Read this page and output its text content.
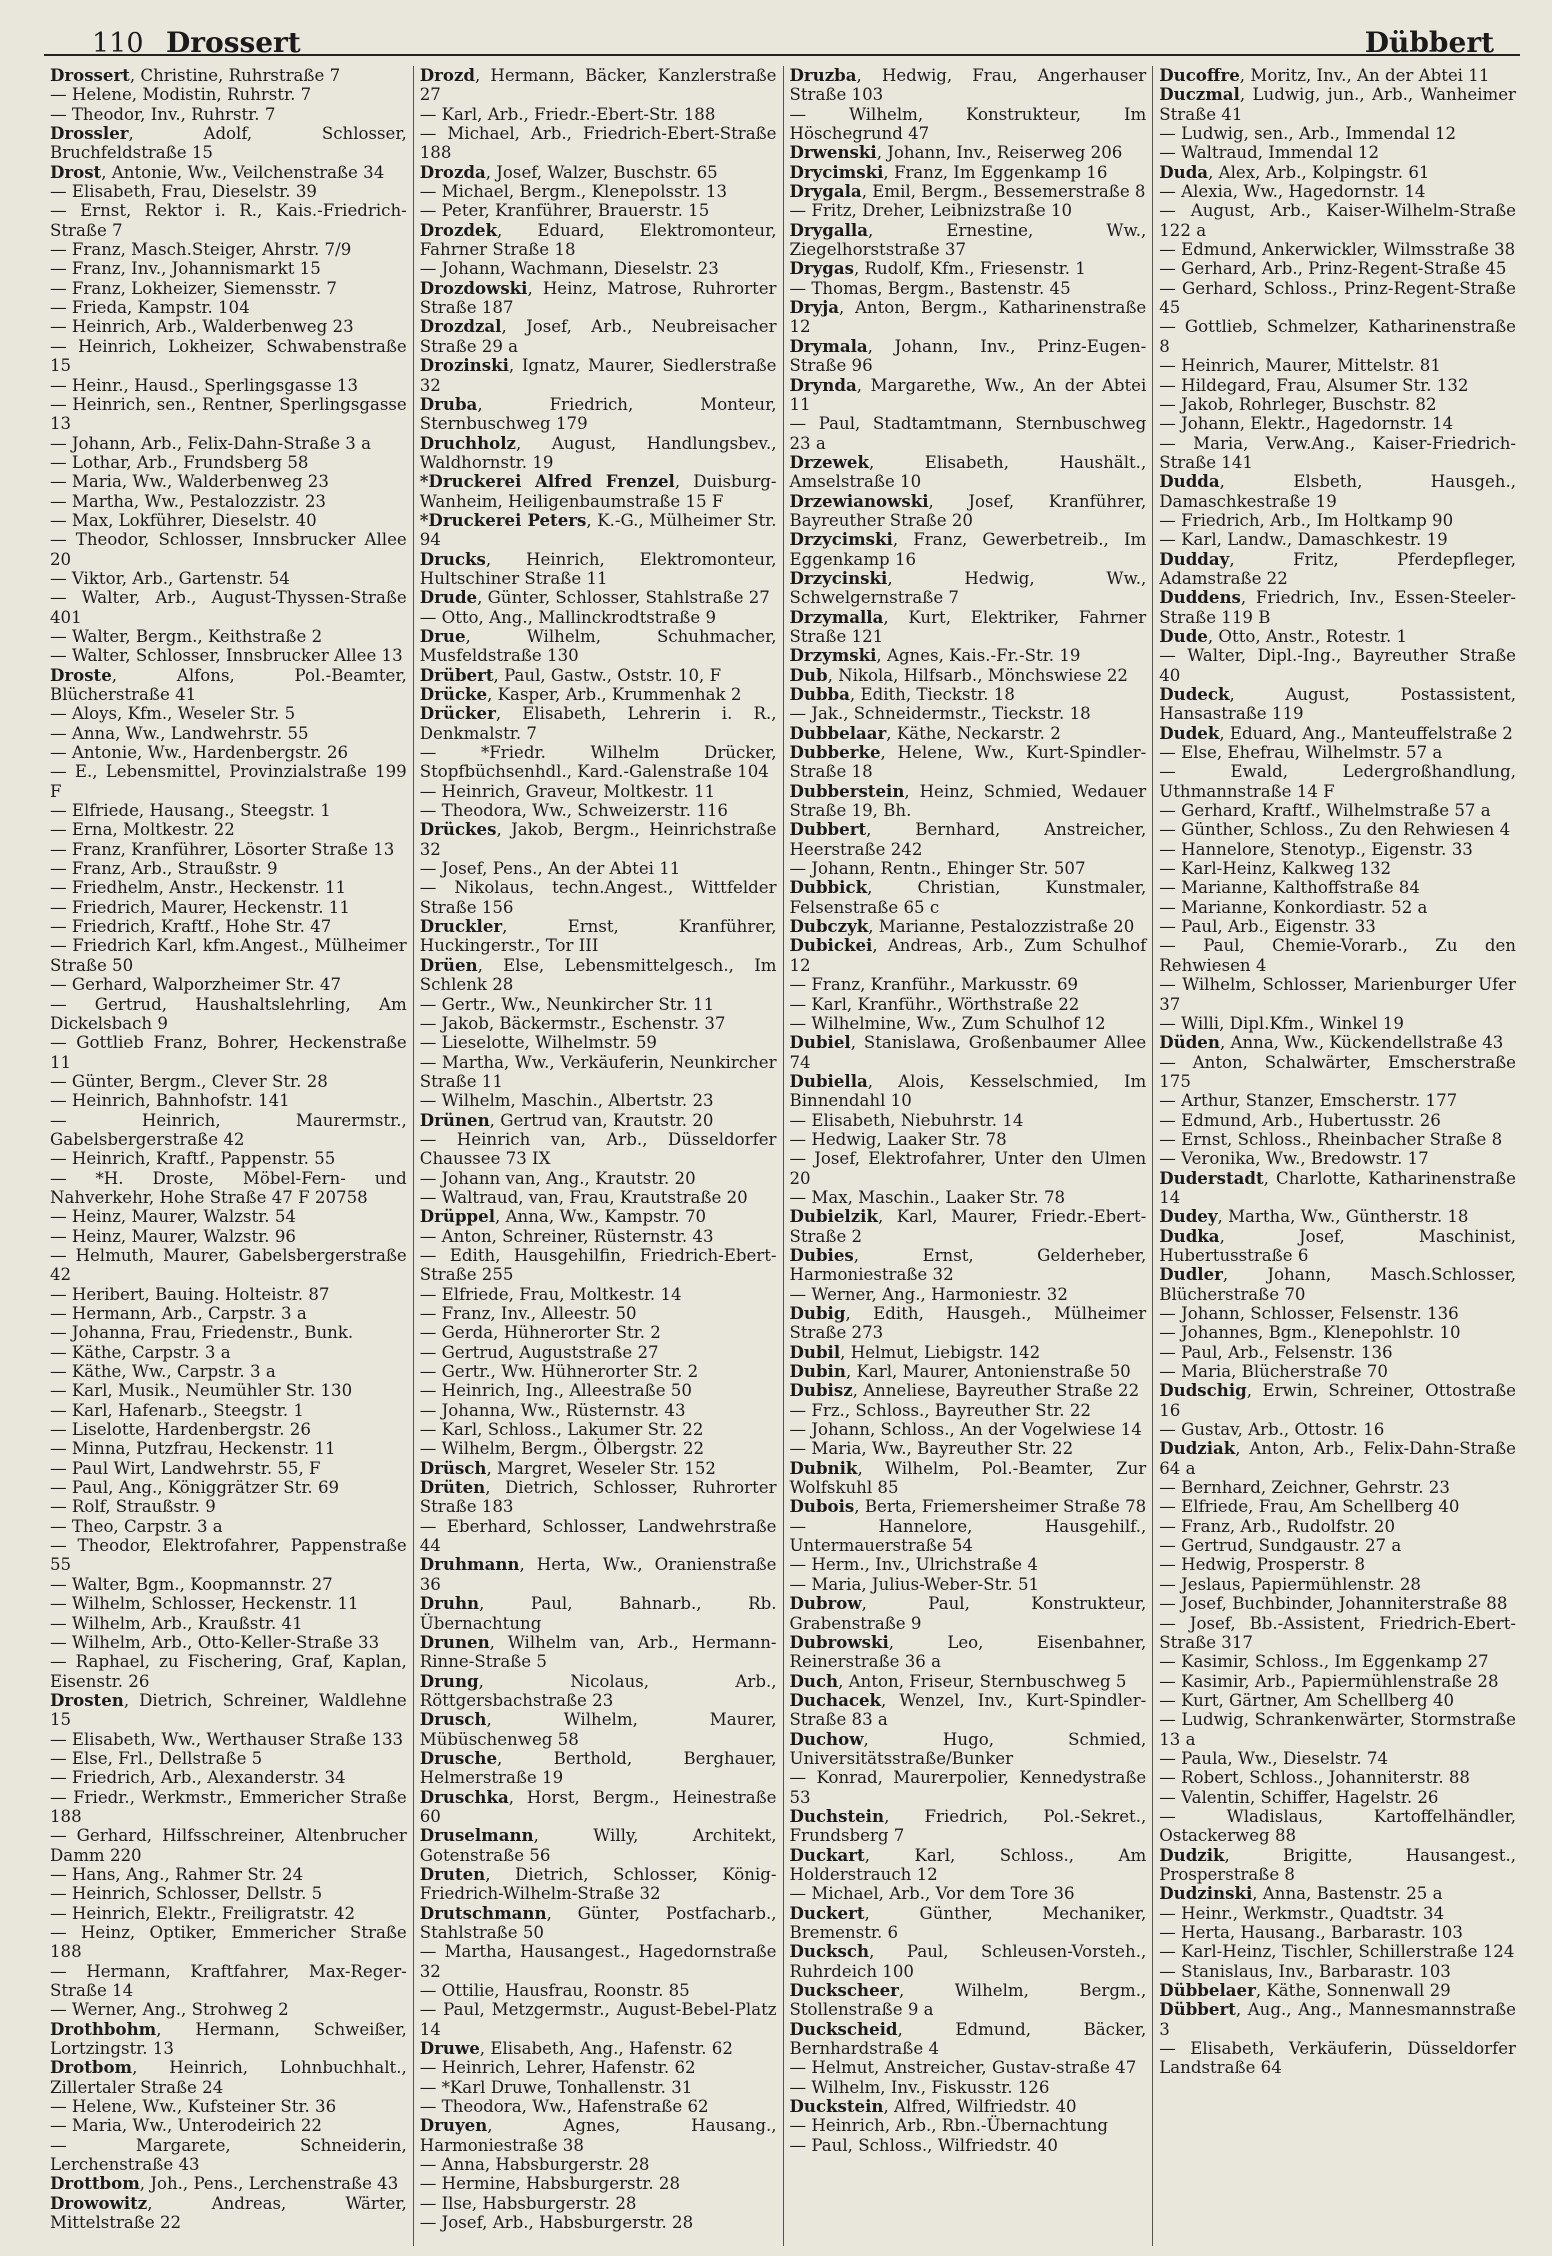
110 Drossert	Dübbert
Drossert, Christine, Ruhrstraße 7
— Helene, Modistin, Ruhrstr. 7
— Theodor, Inv., Ruhrstr. 7
Drossler, Adolf, Schlosser, Bruchfeldstraße 15
Drost, Antonie, Ww., Veilchenstraße 34
— Elisabeth, Frau, Dieselstr. 39
— Ernst, Rektor i. R., Kais.-Friedrich-Straße 7
— Franz, Masch.Steiger, Ahrstr. 7/9
— Franz, Inv., Johannismarkt 15
— Franz, Lokheizer, Siemensstr. 7
— Frieda, Kampstr. 104
— Heinrich, Arb., Walderbenweg 23
— Heinrich, Lokheizer, Schwabenstraße 15
— Heinr., Hausd., Sperlingsgasse 13
— Heinrich, sen., Rentner, Sperlingsgasse 13
— Johann, Arb., Felix-Dahn-Straße 3 a
— Lothar, Arb., Frundsberg 58
— Maria, Ww., Walderbenweg 23
— Martha, Ww., Pestalozzistr. 23
— Max, Lokführer, Dieselstr. 40
— Theodor, Schlosser, Innsbrucker Allee 20
— Viktor, Arb., Gartenstr. 54
— Walter, Arb., August-Thyssen-Straße 401
— Walter, Bergm., Keithstraße 2
— Walter, Schlosser, Innsbrucker Allee 13
Droste, Alfons, Pol.-Beamter, Blücherstraße 41
— Aloys, Kfm., Weseler Str. 5
— Anna, Ww., Landwehrstr. 55
— Antonie, Ww., Hardenbergstr. 26
— E., Lebensmittel, Provinzialstraße 199 F
— Elfriede, Hausang., Steegstr. 1
— Erna, Moltkestr. 22
— Franz, Kranführer, Lösorter Straße 13
— Franz, Arb., Straußstr. 9
— Friedhelm, Anstr., Heckenstr. 11
— Friedrich, Maurer, Heckenstr. 11
— Friedrich, Kraftf., Hohe Str. 47
— Friedrich Karl, kfm.Angest., Mülheimer Straße 50
— Gerhard, Walporzheimer Str. 47
— Gertrud, Haushaltslehrling, Am Dickelsbach 9
— Gottlieb Franz, Bohrer, Heckenstraße 11
— Günter, Bergm., Clever Str. 28
— Heinrich, Bahnhofstr. 141
— Heinrich, Maurermstr., Gabelsbergerstraße 42
— Heinrich, Kraftf., Pappenstr. 55
— *H. Droste, Möbel-Fern- und Nahverkehr, Hohe Straße 47 F 20758
— Heinz, Maurer, Walzstr. 54
— Heinz, Maurer, Walzstr. 96
— Helmuth, Maurer, Gabelsbergerstraße 42
— Heribert, Bauing. Holteistr. 87
— Hermann, Arb., Carpstr. 3 a
— Johanna, Frau, Friedenstr., Bunk.
— Käthe, Carpstr. 3 a
— Käthe, Ww., Carpstr. 3 a
— Karl, Musik., Neumühler Str. 130
— Karl, Hafenarb., Steegstr. 1
— Liselotte, Hardenbergstr. 26
— Minna, Putzfrau, Heckenstr. 11
— Paul Wirt, Landwehrstr. 55, F
— Paul, Ang., Königgrätzer Str. 69
— Rolf, Straußstr. 9
— Theo, Carpstr. 3 a
— Theodor, Elektrofahrer, Pappenstraße 55
— Walter, Bgm., Koopmannstr. 27
— Wilhelm, Schlosser, Heckenstr. 11
— Wilhelm, Arb., Kraußstr. 41
— Wilhelm, Arb., Otto-Keller-Straße 33
— Raphael, zu Fischering, Graf, Kaplan, Eisenstr. 26
Drosten, Dietrich, Schreiner, Waldlehne 15
— Elisabeth, Ww., Werthauser Straße 133
— Else, Frl., Dellstraße 5
— Friedrich, Arb., Alexanderstr. 34
— Friedr., Werkmstr., Emmericher Straße 188
— Gerhard, Hilfsschreiner, Altenbrucher Damm 220
— Hans, Ang., Rahmer Str. 24
— Heinrich, Schlosser, Dellstr. 5
— Heinrich, Elektr., Freiligratstr. 42
— Heinz, Optiker, Emmericher Straße 188
— Hermann, Kraftfahrer, Max-Reger-Straße 14
— Werner, Ang., Strohweg 2
Drothbohm, Hermann, Schweißer, Lortzingstr. 13
Drotbom, Heinrich, Lohnbuchhalt., Zillertaler Straße 24
— Helene, Ww., Kufsteiner Str. 36
— Maria, Ww., Unterodeirich 22
— Margarete, Schneiderin, Lerchenstraße 43
Drottbom, Joh., Pens., Lerchenstraße 43
Drowowitz, Andreas, Wärter, Mittelstraße 22
Drozd, Hermann, Bäcker, Kanzlerstraße 27
— Karl, Arb., Friedr.-Ebert-Str. 188
— Michael, Arb., Friedrich-Ebert-Straße 188
Drozda, Josef, Walzer, Buschstr. 65
— Michael, Bergm., Klenepolsstr. 13
— Peter, Kranführer, Brauerstr. 15
Drozdek, Eduard, Elektromonteur, Fahrner Straße 18
— Johann, Wachmann, Dieselstr. 23
Drozdowski, Heinz, Matrose, Ruhrorter Straße 187
Drozdzal, Josef, Arb., Neubreisacher Straße 29 a
Drozinski, Ignatz, Maurer, Siedlerstraße 32
Druba, Friedrich, Monteur, Sternbuschweg 179
Druchholz, August, Handlungsbev., Waldhornstr. 19
*Druckerei Alfred Frenzel, Duisburg-Wanheim, Heiligenbaumstraße 15 F
*Druckerei Peters, K.-G., Mülheimer Str. 94
Drucks, Heinrich, Elektromonteur, Hultschiner Straße 11
Drude, Günter, Schlosser, Stahlstraße 27
— Otto, Ang., Mallinckrodtstraße 9
Drue, Wilhelm, Schuhmacher, Musfeldstraße 130
Drübert, Paul, Gastw., Oststr. 10, F
Drücke, Kasper, Arb., Krummenhak 2
Drücker, Elisabeth, Lehrerin i. R., Denkmalstr. 7
— *Friedr. Wilhelm Drücker, Stopfbüchsenhdl., Kard.-Galenstraße 104
— Heinrich, Graveur, Moltkestr. 11
— Theodora, Ww., Schweizerstr. 116
Drückes, Jakob, Bergm., Heinrichstraße 32
— Josef, Pens., An der Abtei 11
— Nikolaus, techn.Angest., Wittfelder Straße 156
Druckler, Ernst, Kranführer, Huckingerstr., Tor III
Drüen, Else, Lebensmittelgesch., Im Schlenk 28
— Gertr., Ww., Neunkircher Str. 11
— Jakob, Bäckermstr., Eschenstr. 37
— Lieselotte, Wilhelmstr. 59
— Martha, Ww., Verkäuferin, Neunkircher Straße 11
— Wilhelm, Maschin., Albertstr. 23
Drünen, Gertrud van, Krautstr. 20
— Heinrich van, Arb., Düsseldorfer Chaussee 73 IX
— Johann van, Ang., Krautstr. 20
— Waltraud, van, Frau, Krautstraße 20
Drüppel, Anna, Ww., Kampstr. 70
— Anton, Schreiner, Rüsternstr. 43
— Edith, Hausgehilfin, Friedrich-Ebert-Straße 255
— Elfriede, Frau, Moltkestr. 14
— Franz, Inv., Alleestr. 50
— Gerda, Hühnerorter Str. 2
— Gertrud, Auguststraße 27
— Gertr., Ww. Hühnerorter Str. 2
— Heinrich, Ing., Alleestraße 50
— Johanna, Ww., Rüsternstr. 43
— Karl, Schloss., Lakumer Str. 22
— Wilhelm, Bergm., Ölbergstr. 22
Drüsch, Margret, Weseler Str. 152
Drüten, Dietrich, Schlosser, Ruhrorter Straße 183
— Eberhard, Schlosser, Landwehrstraße 44
Druhmann, Herta, Ww., Oranienstraße 36
Druhn, Paul, Bahnarb., Rb. Übernachtung
Drunen, Wilhelm van, Arb., Hermann-Rinne-Straße 5
Drung, Nicolaus, Arb., Röttgersbachstraße 23
Drusch, Wilhelm, Maurer, Mübüschenweg 58
Drusche, Berthold, Berghauer, Helmerstraße 19
Druschka, Horst, Bergm., Heinestraße 60
Druselmann, Willy, Architekt, Gotenstraße 56
Druten, Dietrich, Schlosser, König-Friedrich-Wilhelm-Straße 32
Drutschmann, Günter, Postfacharb., Stahlstraße 50
— Martha, Hausangest., Hagedornstraße 32
— Ottilie, Hausfrau, Roonstr. 85
— Paul, Metzgermstr., August-Bebel-Platz 14
Druwe, Elisabeth, Ang., Hafenstr. 62
— Heinrich, Lehrer, Hafenstr. 62
— *Karl Druwe, Tonhallenstr. 31
— Theodora, Ww., Hafenstraße 62
Druyen, Agnes, Hausang., Harmoniestraße 38
— Anna, Habsburgerstr. 28
— Hermine, Habsburgerstr. 28
— Ilse, Habsburgerstr. 28
— Josef, Arb., Habsburgerstr. 28
Druzba, Hedwig, Frau, Angerhauser Straße 103
— Wilhelm, Konstrukteur, Im Höschegrund 47
Drwenski, Johann, Inv., Reiserweg 206
Drycimski, Franz, Im Eggenkamp 16
Drygala, Emil, Bergm., Bessemerstraße 8
— Fritz, Dreher, Leibnizstraße 10
Drygalla, Ernestine, Ww., Ziegelhorststraße 37
Drygas, Rudolf, Kfm., Friesenstr. 1
— Thomas, Bergm., Bastenstr. 45
Dryja, Anton, Bergm., Katharinenstraße 12
Drymala, Johann, Inv., Prinz-Eugen-Straße 96
Drynda, Margarethe, Ww., An der Abtei 11
— Paul, Stadtamtmann, Sternbuschweg 23 a
Drzewek, Elisabeth, Haushält., Amselstraße 10
Drzewianowski, Josef, Kranführer, Bayreuther Straße 20
Drzycimski, Franz, Gewerbetreib., Im Eggenkamp 16
Drzycinski, Hedwig, Ww., Schwelgernstraße 7
Drzymalla, Kurt, Elektriker, Fahrner Straße 121
Drzymski, Agnes, Kais.-Fr.-Str. 19
Dub, Nikola, Hilfsarb., Mönchswiese 22
Dubba, Edith, Tieckstr. 18
— Jak., Schneidermstr., Tieckstr. 18
Dubbelaar, Käthe, Neckarstr. 2
Dubberke, Helene, Ww., Kurt-Spindler-Straße 18
Dubberstein, Heinz, Schmied, Wedauer Straße 19, Bh.
Dubbert, Bernhard, Anstreicher, Heerstraße 242
— Johann, Rentn., Ehinger Str. 507
Dubbick, Christian, Kunstmaler, Felsenstraße 65 c
Dubczyk, Marianne, Pestalozzistraße 20
Dubickei, Andreas, Arb., Zum Schulhof 12
— Franz, Kranführ., Markusstr. 69
— Karl, Kranführ., Wörthstraße 22
— Wilhelmine, Ww., Zum Schulhof 12
Dubiel, Stanislawa, Großenbaumer Allee 74
Dubiella, Alois, Kesselschmied, Im Binnendahl 10
— Elisabeth, Niebuhrstr. 14
— Hedwig, Laaker Str. 78
— Josef, Elektrofahrer, Unter den Ulmen 20
— Max, Maschin., Laaker Str. 78
Dubielzik, Karl, Maurer, Friedr.-Ebert-Straße 2
Dubies, Ernst, Gelderheber, Harmoniestraße 32
— Werner, Ang., Harmoniestr. 32
Dubig, Edith, Hausgeh., Mülheimer Straße 273
Dubil, Helmut, Liebigstr. 142
Dubin, Karl, Maurer, Antonienstraße 50
Dubisz, Anneliese, Bayreuther Straße 22
— Frz., Schloss., Bayreuther Str. 22
— Johann, Schloss., An der Vogelwiese 14
— Maria, Ww., Bayreuther Str. 22
Dubnik, Wilhelm, Pol.-Beamter, Zur Wolfskuhl 85
Dubois, Berta, Friemersheimer Straße 78
— Hannelore, Hausgehilf., Untermauerstraße 54
— Herm., Inv., Ulrichstraße 4
— Maria, Julius-Weber-Str. 51
Dubrow, Paul, Konstrukteur, Grabenstraße 9
Dubrowski, Leo, Eisenbahner, Reinerstraße 36 a
Duch, Anton, Friseur, Sternbuschweg 5
Duchacek, Wenzel, Inv., Kurt-Spindler-Straße 83 a
Duchow, Hugo, Schmied, Universitätsstraße/Bunker
— Konrad, Maurerpolier, Kennedystraße 53
Duchstein, Friedrich, Pol.-Sekret., Frundsberg 7
Duckart, Karl, Schloss., Am Holderstrauch 12
— Michael, Arb., Vor dem Tore 36
Duckert, Günther, Mechaniker, Bremenstr. 6
Ducksch, Paul, Schleusen-Vorsteh., Ruhrdeich 100
Duckscheer, Wilhelm, Bergm., Stollenstraße 9 a
Duckscheid, Edmund, Bäcker, Bernhardstraße 4
— Helmut, Anstreicher, Gustav-straße 47
— Wilhelm, Inv., Fiskusstr. 126
Duckstein, Alfred, Wilfriedstr. 40
— Heinrich, Arb., Rbn.-Übernachtung
— Paul, Schloss., Wilfriedstr. 40
Ducoffre, Moritz, Inv., An der Abtei 11
Duczmal, Ludwig, jun., Arb., Wanheimer Straße 41
— Ludwig, sen., Arb., Immendal 12
— Waltraud, Immendal 12
Duda, Alex, Arb., Kolpingstr. 61
— Alexia, Ww., Hagedornstr. 14
— August, Arb., Kaiser-Wilhelm-Straße 122 a
— Edmund, Ankerwickler, Wilmsstraße 38
— Gerhard, Arb., Prinz-Regent-Straße 45
— Gerhard, Schloss., Prinz-Regent-Straße 45
— Gottlieb, Schmelzer, Katharinenstraße 8
— Heinrich, Maurer, Mittelstr. 81
— Hildegard, Frau, Alsumer Str. 132
— Jakob, Rohrleger, Buschstr. 82
— Johann, Elektr., Hagedornstr. 14
— Maria, Verw.Ang., Kaiser-Friedrich-Straße 141
Dudda, Elsbeth, Hausgeh., Damaschkestraße 19
— Friedrich, Arb., Im Holtkamp 90
— Karl, Landw., Damaschkestr. 19
Dudday, Fritz, Pferdepfleger, Adamstraße 22
Duddens, Friedrich, Inv., Essen-Steeler-Straße 119 B
Dude, Otto, Anstr., Rotestr. 1
— Walter, Dipl.-Ing., Bayreuther Straße 40
Dudeck, August, Postassistent, Hansastraße 119
Dudek, Eduard, Ang., Manteuffelstraße 2
— Else, Ehefrau, Wilhelmstr. 57 a
— Ewald, Ledergroßhandlung, Uthmannstraße 14 F
— Gerhard, Kraftf., Wilhelmstraße 57 a
— Günther, Schloss., Zu den Rehwiesen 4
— Hannelore, Stenotyp., Eigenstr. 33
— Karl-Heinz, Kalkweg 132
— Marianne, Kalthoffstraße 84
— Marianne, Konkordiastr. 52 a
— Paul, Arb., Eigenstr. 33
— Paul, Chemie-Vorarb., Zu den Rehwiesen 4
— Wilhelm, Schlosser, Marienburger Ufer 37
— Willi, Dipl.Kfm., Winkel 19
Düden, Anna, Ww., Kückendellstraße 43
— Anton, Schalwärter, Emscherstraße 175
— Arthur, Stanzer, Emscherstr. 177
— Edmund, Arb., Hubertusstr. 26
— Ernst, Schloss., Rheinbacher Straße 8
— Veronika, Ww., Bredowstr. 17
Duderstadt, Charlotte, Katharinenstraße 14
Dudey, Martha, Ww., Güntherstr. 18
Dudka, Josef, Maschinist, Hubertusstraße 6
Dudler, Johann, Masch.Schlosser, Blücherstraße 70
— Johann, Schlosser, Felsenstr. 136
— Johannes, Bgm., Klenepohlstr. 10
— Paul, Arb., Felsenstr. 136
— Maria, Blücherstraße 70
Dudschig, Erwin, Schreiner, Ottostraße 16
— Gustav, Arb., Ottostr. 16
Dudziak, Anton, Arb., Felix-Dahn-Straße 64 a
— Bernhard, Zeichner, Gehrstr. 23
— Elfriede, Frau, Am Schellberg 40
— Franz, Arb., Rudolfstr. 20
— Gertrud, Sundgaustr. 27 a
— Hedwig, Prosperstr. 8
— Jeslaus, Papiermühlenstr. 28
— Josef, Buchbinder, Johanniterstraße 88
— Josef, Bb.-Assistent, Friedrich-Ebert-Straße 317
— Kasimir, Schloss., Im Eggenkamp 27
— Kasimir, Arb., Papiermühlenstraße 28
— Kurt, Gärtner, Am Schellberg 40
— Ludwig, Schrankenwärter, Stormstraße 13 a
— Paula, Ww., Dieselstr. 74
— Robert, Schloss., Johanniterstr. 88
— Valentin, Schiffer, Hagelstr. 26
— Wladislaus, Kartoffelhändler, Ostackerweg 88
Dudzik, Brigitte, Hausangest., Prosperstraße 8
Dudzinski, Anna, Bastenstr. 25 a
— Heinr., Werkmstr., Quadtstr. 34
— Herta, Hausang., Barbarastr. 103
— Karl-Heinz, Tischler, Schillerstraße 124
— Stanislaus, Inv., Barbarastr. 103
Dübbelaer, Käthe, Sonnenwall 29
Dübbert, Aug., Ang., Mannesmannstraße 3
— Elisabeth, Verkäuferin, Düsseldorfer Landstraße 64
